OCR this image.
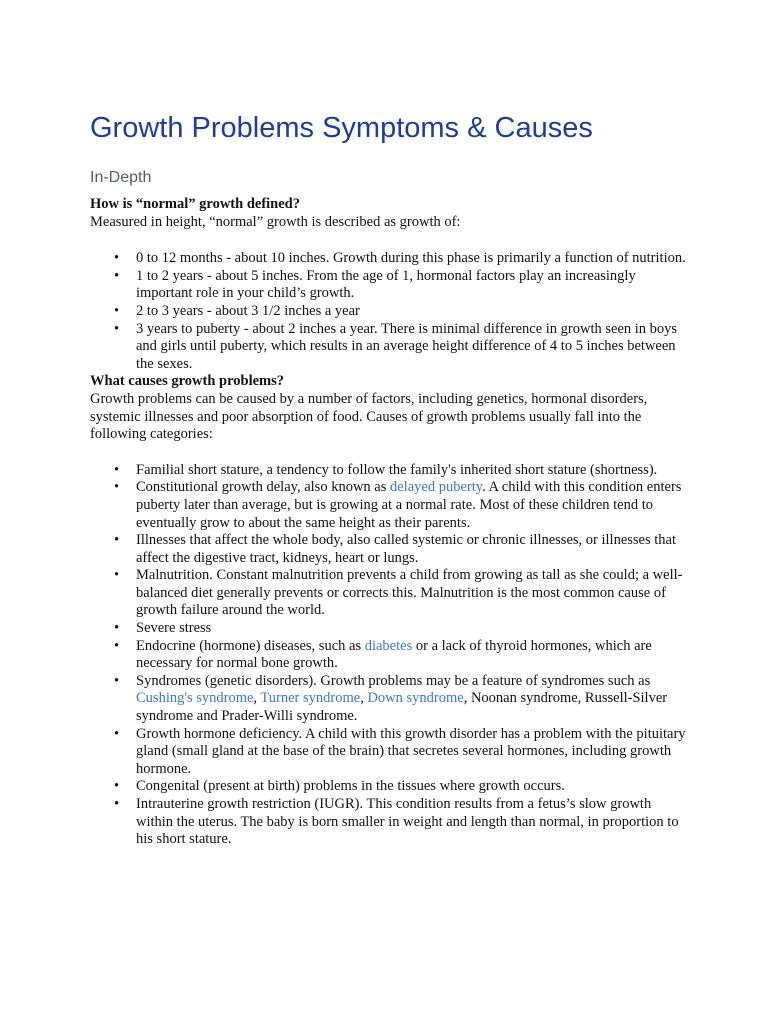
Growth Problems Symptoms & Causes
In-Depth

How is “normal” growth defined?

Measured in height, “normal” growth is described as growth of:

• 0 to 12 months - about 10 inches. Growth during this phase is primarily a function of nutrition.
• 1 to 2 years - about 5 inches. From the age of 1, hormonal factors play an increasingly important role in your child’s growth.
• 2 to 3 years - about 3 1/2 inches a year
• 3 years to puberty - about 2 inches a year. There is minimal difference in growth seen in boys and girls until puberty, which results in an average height difference of 4 to 5 inches between the sexes.

What causes growth problems?

Growth problems can be caused by a number of factors, including genetics, hormonal disorders, systemic illnesses and poor absorption of food. Causes of growth problems usually fall into the following categories:

• Familial short stature, a tendency to follow the family's inherited short stature (shortness).
• Constitutional growth delay, also known as delayed puberty. A child with this condition enters puberty later than average, but is growing at a normal rate. Most of these children tend to eventually grow to about the same height as their parents.
• Illnesses that affect the whole body, also called systemic or chronic illnesses, or illnesses that affect the digestive tract, kidneys, heart or lungs.
• Malnutrition. Constant malnutrition prevents a child from growing as tall as she could; a well-balanced diet generally prevents or corrects this. Malnutrition is the most common cause of growth failure around the world.
• Severe stress
• Endocrine (hormone) diseases, such as diabetes or a lack of thyroid hormones, which are necessary for normal bone growth.
• Syndromes (genetic disorders). Growth problems may be a feature of syndromes such as Cushing's syndrome, Turner syndrome, Down syndrome, Noonan syndrome, Russell-Silver syndrome and Prader-Willi syndrome.
• Growth hormone deficiency. A child with this growth disorder has a problem with the pituitary gland (small gland at the base of the brain) that secretes several hormones, including growth hormone.
• Congenital (present at birth) problems in the tissues where growth occurs.
• Intrauterine growth restriction (IUGR). This condition results from a fetus’s slow growth within the uterus. The baby is born smaller in weight and length than normal, in proportion to his short stature.
